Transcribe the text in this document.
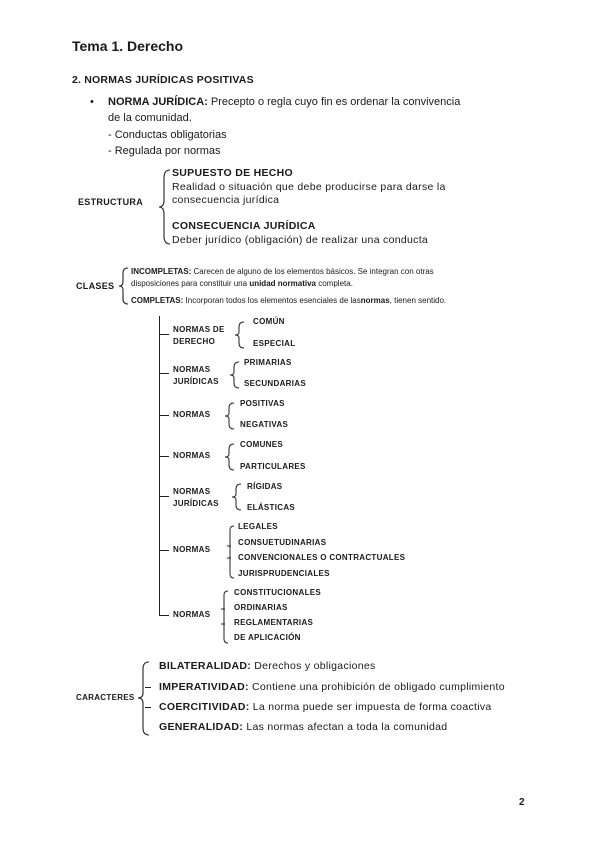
Tema 1. Derecho
2. NORMAS JURÍDICAS POSITIVAS
• NORMA JURÍDICA: Precepto o regla cuyo fin es ordenar la convivencia
de la comunidad.
- Conductas obligatorias
- Regulada por normas
ESTRUCTURA
SUPUESTO DE HECHO
Realidad o situación que debe producirse para darse la
consecuencia jurídica
CONSECUENCIA JURÍDICA
Deber jurídico (obligación) de realizar una conducta
CLASES
INCOMPLETAS: Carecen de alguno de los elementos básicos. Se integran con otras
disposiciones para constituir una unidad normativa completa.
COMPLETAS: Incorporan todos los elementos esenciales de lasnormas, tienen sentido.
NORMAS DE
DERECHO
COMÚN
ESPECIAL
NORMAS
JURÍDICAS
PRIMARIAS
SECUNDARIAS
NORMAS
POSITIVAS
NEGATIVAS
NORMAS
COMUNES
PARTICULARES
NORMAS
JURÍDICAS
RÍGIDAS
ELÁSTICAS
NORMAS
LEGALES
CONSUETUDINARIAS
CONVENCIONALES O CONTRACTUALES
JURISPRUDENCIALES
NORMAS
CONSTITUCIONALES
ORDINARIAS
REGLAMENTARIAS
DE APLICACIÓN
CARACTERES
BILATERALIDAD: Derechos y obligaciones
IMPERATIVIDAD: Contiene una prohibición de obligado cumplimiento
COERCITIVIDAD: La norma puede ser impuesta de forma coactiva
GENERALIDAD: Las normas afectan a toda la comunidad
2
